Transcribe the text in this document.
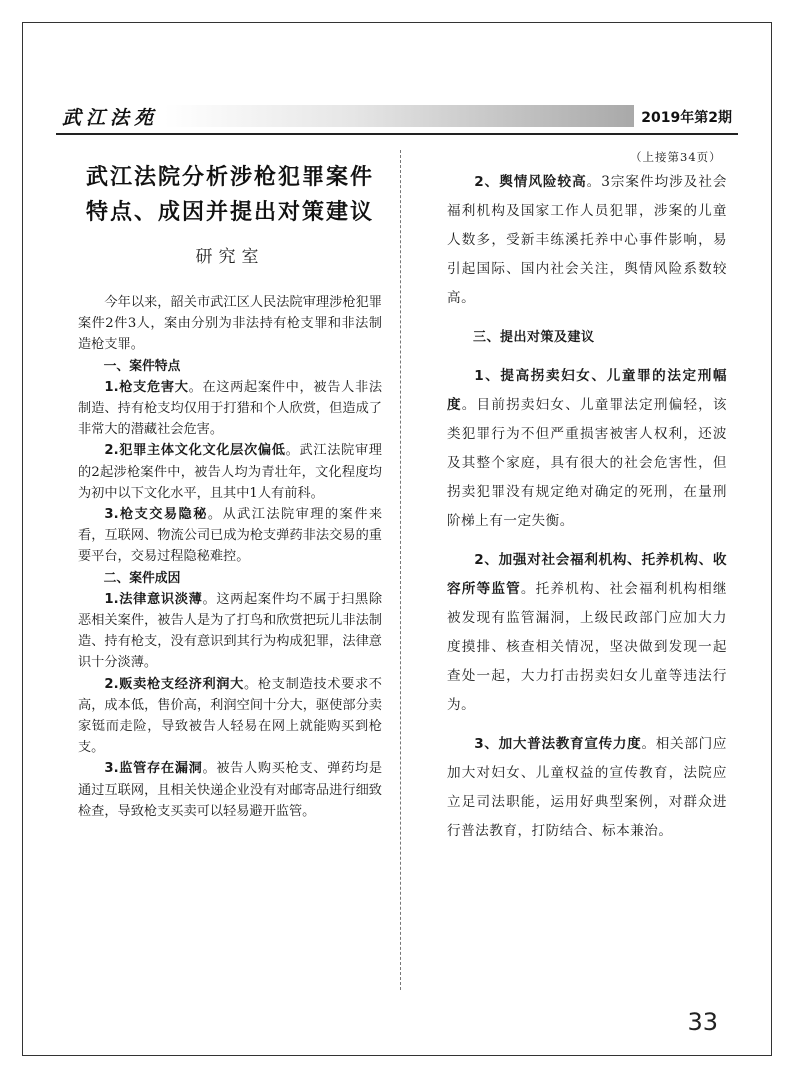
武江法苑	2019年第2期
武江法院分析涉枪犯罪案件
特点、成因并提出对策建议
研究室

今年以来，韶关市武江区人民法院审理涉枪犯罪案件2件3人，案由分别为非法持有枪支罪和非法制造枪支罪。

一、案件特点

1.枪支危害大。在这两起案件中，被告人非法制造、持有枪支均仅用于打猎和个人欣赏，但造成了非常大的潜藏社会危害。

2.犯罪主体文化文化层次偏低。武江法院审理的2起涉枪案件中，被告人均为青壮年，文化程度均为初中以下文化水平，且其中1人有前科。

3.枪支交易隐秘。从武江法院审理的案件来看，互联网、物流公司已成为枪支弹药非法交易的重要平台，交易过程隐秘难控。

二、案件成因

1.法律意识淡薄。这两起案件均不属于扫黑除恶相关案件，被告人是为了打鸟和欣赏把玩儿非法制造、持有枪支，没有意识到其行为构成犯罪，法律意识十分淡薄。

2.贩卖枪支经济利润大。枪支制造技术要求不高，成本低，售价高，利润空间十分大，驱使部分卖家铤而走险，导致被告人轻易在网上就能购买到枪支。

3.监管存在漏洞。被告人购买枪支、弹药均是通过互联网，且相关快递企业没有对邮寄品进行细致检查，导致枪支买卖可以轻易避开监管。

（上接第34页）

2、舆情风险较高。3宗案件均涉及社会福利机构及国家工作人员犯罪，涉案的儿童人数多，受新丰练溪托养中心事件影响，易引起国际、国内社会关注，舆情风险系数较高。

三、提出对策及建议

1、提高拐卖妇女、儿童罪的法定刑幅度。目前拐卖妇女、儿童罪法定刑偏轻，该类犯罪行为不但严重损害被害人权利，还波及其整个家庭，具有很大的社会危害性，但拐卖犯罪没有规定绝对确定的死刑，在量刑阶梯上有一定失衡。

2、加强对社会福利机构、托养机构、收容所等监管。托养机构、社会福利机构相继被发现有监管漏洞，上级民政部门应加大力度摸排、核查相关情况，坚决做到发现一起查处一起，大力打击拐卖妇女儿童等违法行为。

3、加大普法教育宣传力度。相关部门应加大对妇女、儿童权益的宣传教育，法院应立足司法职能，运用好典型案例，对群众进行普法教育，打防结合、标本兼治。

33
